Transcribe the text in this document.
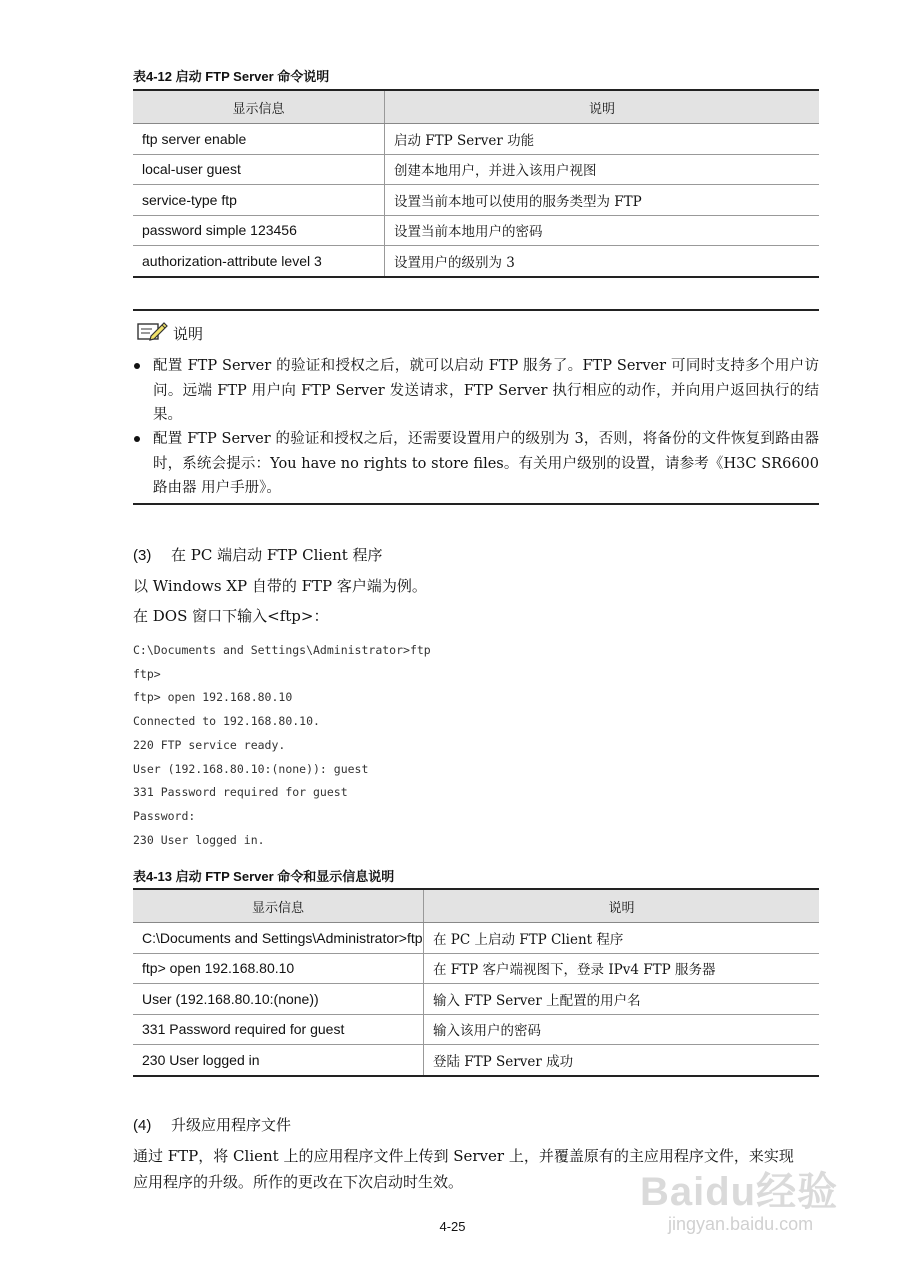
表4-12 启动 FTP Server 命令说明
显示信息	说明
ftp server enable	启动 FTP Server 功能
local-user guest	创建本地用户，并进入该用户视图
service-type ftp	设置当前本地可以使用的服务类型为 FTP
password simple 123456	设置当前本地用户的密码
authorization-attribute level 3	设置用户的级别为 3
说明
配置 FTP Server 的验证和授权之后，就可以启动 FTP 服务了。FTP Server 可同时支持多个用户访问。远端 FTP 用户向 FTP Server 发送请求，FTP Server 执行相应的动作，并向用户返回执行的结果。
配置 FTP Server 的验证和授权之后，还需要设置用户的级别为 3，否则，将备份的文件恢复到路由器时，系统会提示：You have no rights to store files。有关用户级别的设置，请参考《H3C SR6600 路由器 用户手册》。
(3) 在 PC 端启动 FTP Client 程序
以 Windows XP 自带的 FTP 客户端为例。
在 DOS 窗口下输入<ftp>：
C:\Documents and Settings\Administrator>ftp
ftp>
ftp> open 192.168.80.10
Connected to 192.168.80.10.
220 FTP service ready.
User (192.168.80.10:(none)): guest
331 Password required for guest
Password:
230 User logged in.
表4-13 启动 FTP Server 命令和显示信息说明
显示信息	说明
C:\Documents and Settings\Administrator>ftp	在 PC 上启动 FTP Client 程序
ftp> open 192.168.80.10	在 FTP 客户端视图下，登录 IPv4 FTP 服务器
User (192.168.80.10:(none))	输入 FTP Server 上配置的用户名
331 Password required for guest	输入该用户的密码
230 User logged in	登陆 FTP Server 成功
(4) 升级应用程序文件
通过 FTP，将 Client 上的应用程序文件上传到 Server 上，并覆盖原有的主应用程序文件，来实现
应用程序的升级。所作的更改在下次启动时生效。
4-25
Baidu经验
jingyan.baidu.com
